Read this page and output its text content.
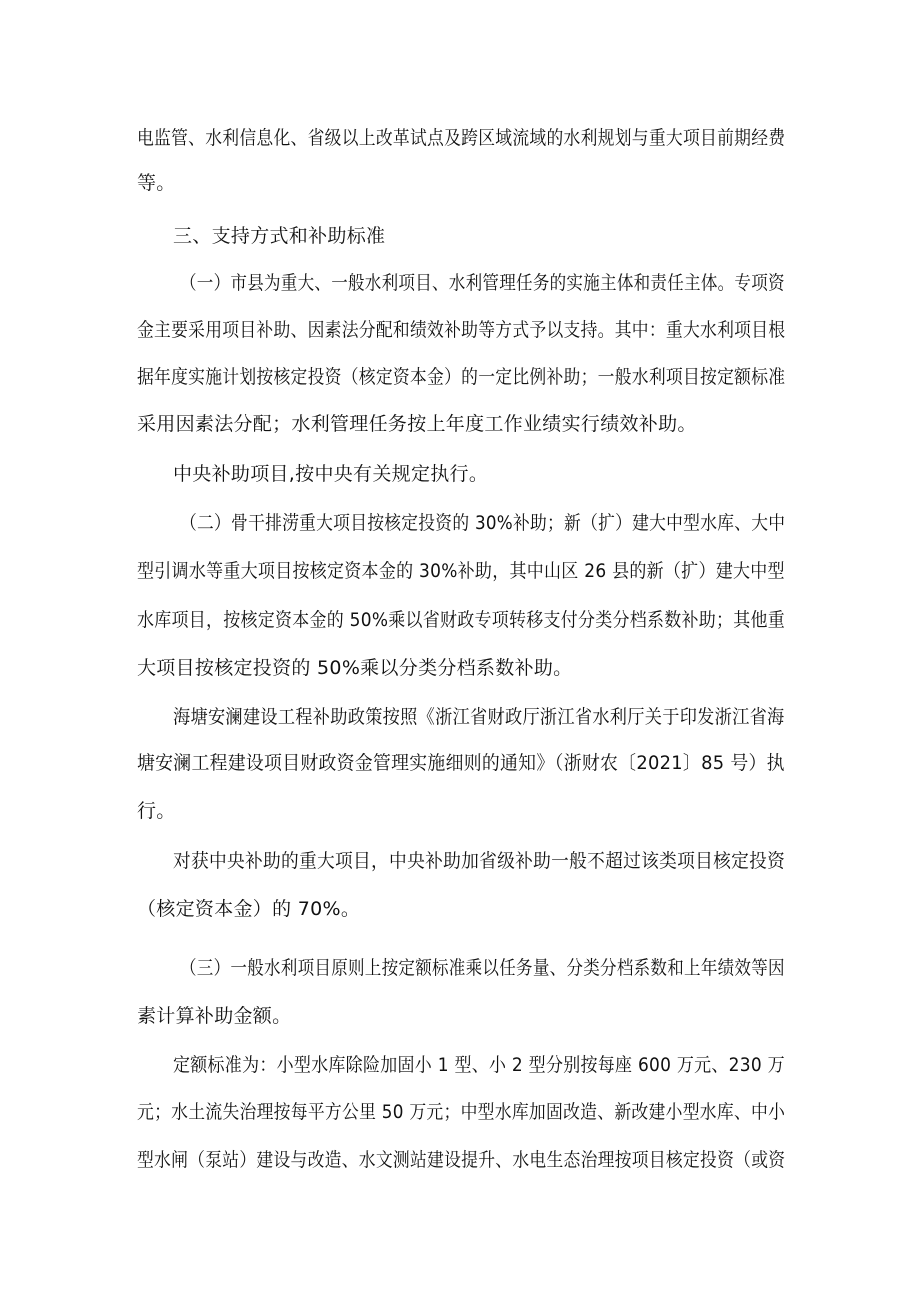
电监管、水利信息化、省级以上改革试点及跨区域流域的水利规划与重大项目前期经费
等。
三、支持方式和补助标准
（一）市县为重大、一般水利项目、水利管理任务的实施主体和责任主体。专项资
金主要采用项目补助、因素法分配和绩效补助等方式予以支持。其中：重大水利项目根
据年度实施计划按核定投资（核定资本金）的一定比例补助；一般水利项目按定额标准
采用因素法分配；水利管理任务按上年度工作业绩实行绩效补助。
中央补助项目,按中央有关规定执行。
（二）骨干排涝重大项目按核定投资的 30%补助；新（扩）建大中型水库、大中
型引调水等重大项目按核定资本金的 30%补助，其中山区 26 县的新（扩）建大中型
水库项目，按核定资本金的 50%乘以省财政专项转移支付分类分档系数补助；其他重
大项目按核定投资的 50%乘以分类分档系数补助。
海塘安澜建设工程补助政策按照《浙江省财政厅浙江省水利厅关于印发浙江省海
塘安澜工程建设项目财政资金管理实施细则的通知》（浙财农〔2021〕85 号）执
行。
对获中央补助的重大项目，中央补助加省级补助一般不超过该类项目核定投资
（核定资本金）的 70%。
（三）一般水利项目原则上按定额标准乘以任务量、分类分档系数和上年绩效等因
素计算补助金额。
定额标准为：小型水库除险加固小 1 型、小 2 型分别按每座 600 万元、230 万
元；水土流失治理按每平方公里 50 万元；中型水库加固改造、新改建小型水库、中小
型水闸（泵站）建设与改造、水文测站建设提升、水电生态治理按项目核定投资（或资
